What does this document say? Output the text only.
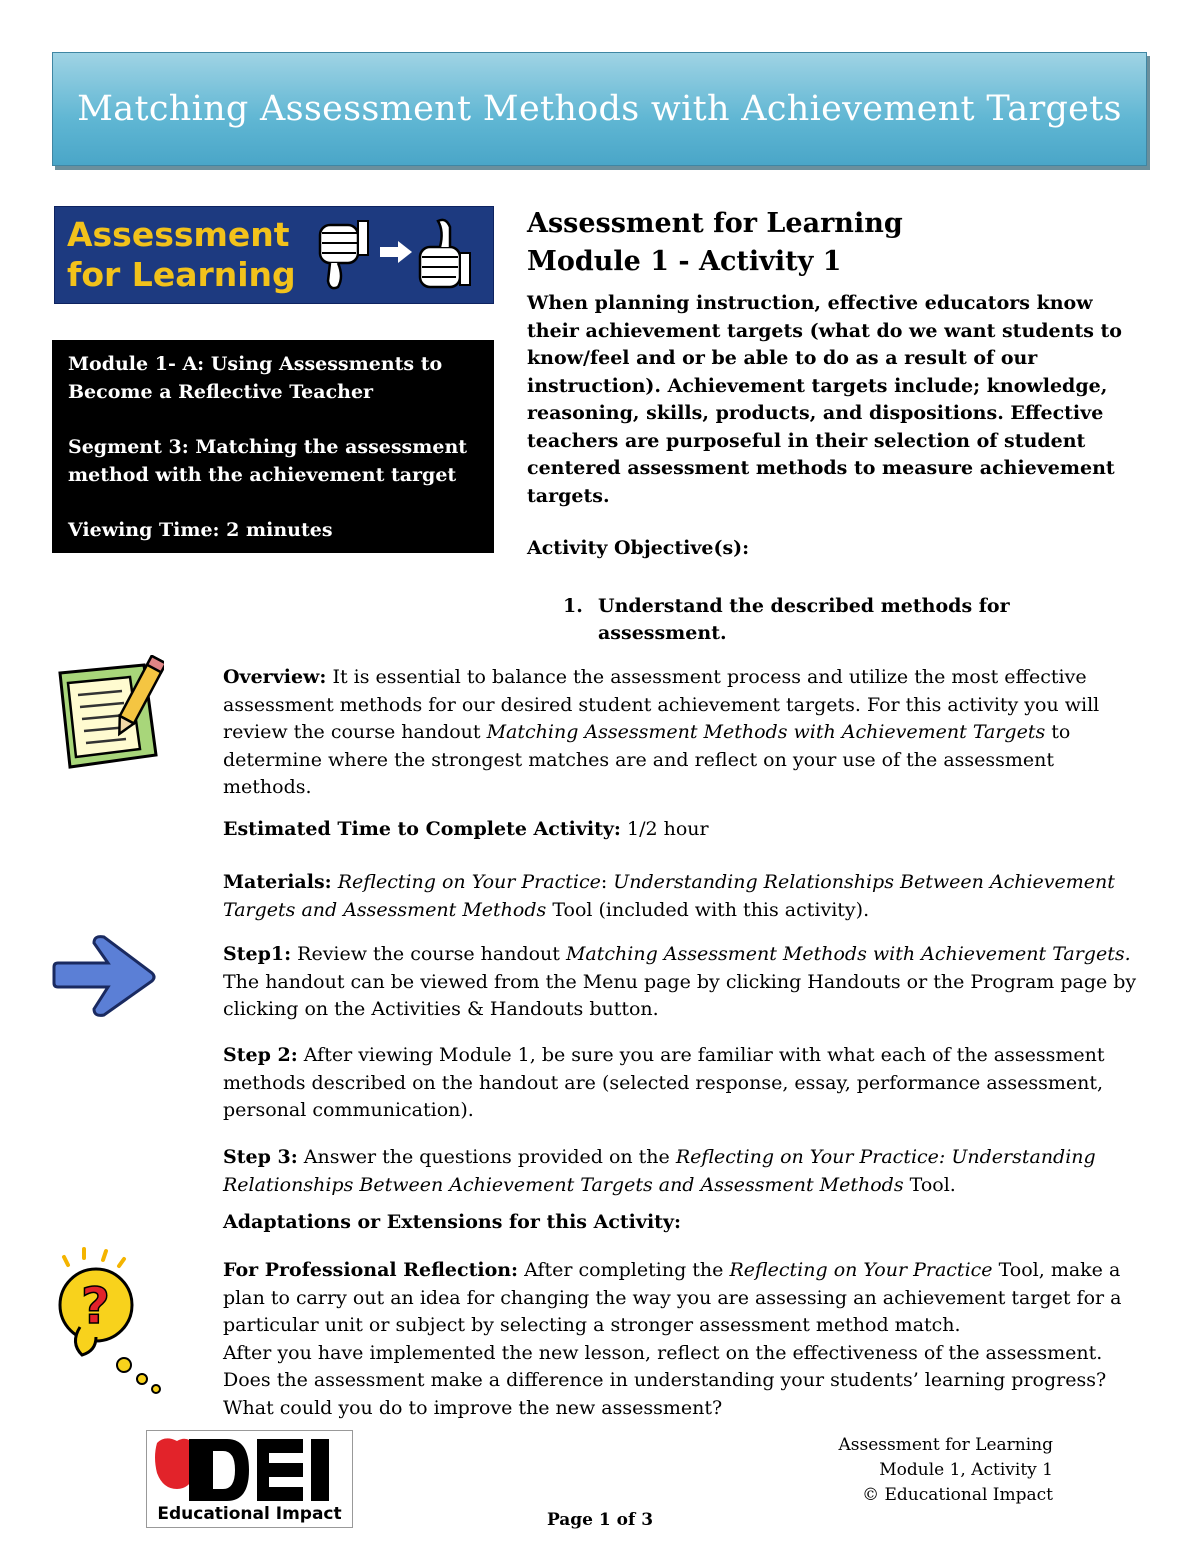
Matching Assessment Methods with Achievement Targets
Assessment
for Learning

Module 1- A: Using Assessments to Become a Reflective Teacher

Segment 3: Matching the assessment method with the achievement target

Viewing Time: 2 minutes

Assessment for Learning
Module 1 - Activity 1
When planning instruction, effective educators know their achievement targets (what do we want students to know/feel and or be able to do as a result of our instruction). Achievement targets include; knowledge, reasoning, skills, products, and dispositions. Effective teachers are purposeful in their selection of student centered assessment methods to measure achievement targets.
Activity Objective(s):
1. Understand the described methods for assessment.
Overview: It is essential to balance the assessment process and utilize the most effective assessment methods for our desired student achievement targets. For this activity you will review the course handout Matching Assessment Methods with Achievement Targets to determine where the strongest matches are and reflect on your use of the assessment methods.
Estimated Time to Complete Activity: 1/2 hour
Materials: Reflecting on Your Practice: Understanding Relationships Between Achievement Targets and Assessment Methods Tool (included with this activity).
Step1: Review the course handout Matching Assessment Methods with Achievement Targets. The handout can be viewed from the Menu page by clicking Handouts or the Program page by clicking on the Activities & Handouts button.
Step 2: After viewing Module 1, be sure you are familiar with what each of the assessment methods described on the handout are (selected response, essay, performance assessment, personal communication).
Step 3: Answer the questions provided on the Reflecting on Your Practice: Understanding Relationships Between Achievement Targets and Assessment Methods Tool.
Adaptations or Extensions for this Activity:
?
For Professional Reflection: After completing the Reflecting on Your Practice Tool, make a plan to carry out an idea for changing the way you are assessing an achievement target for a particular unit or subject by selecting a stronger assessment method match.
After you have implemented the new lesson, reflect on the effectiveness of the assessment. Does the assessment make a difference in understanding your students’ learning progress? What could you do to improve the new assessment?
Educational Impact
Assessment for Learning
Module 1, Activity 1
© Educational Impact
Page 1 of 3
